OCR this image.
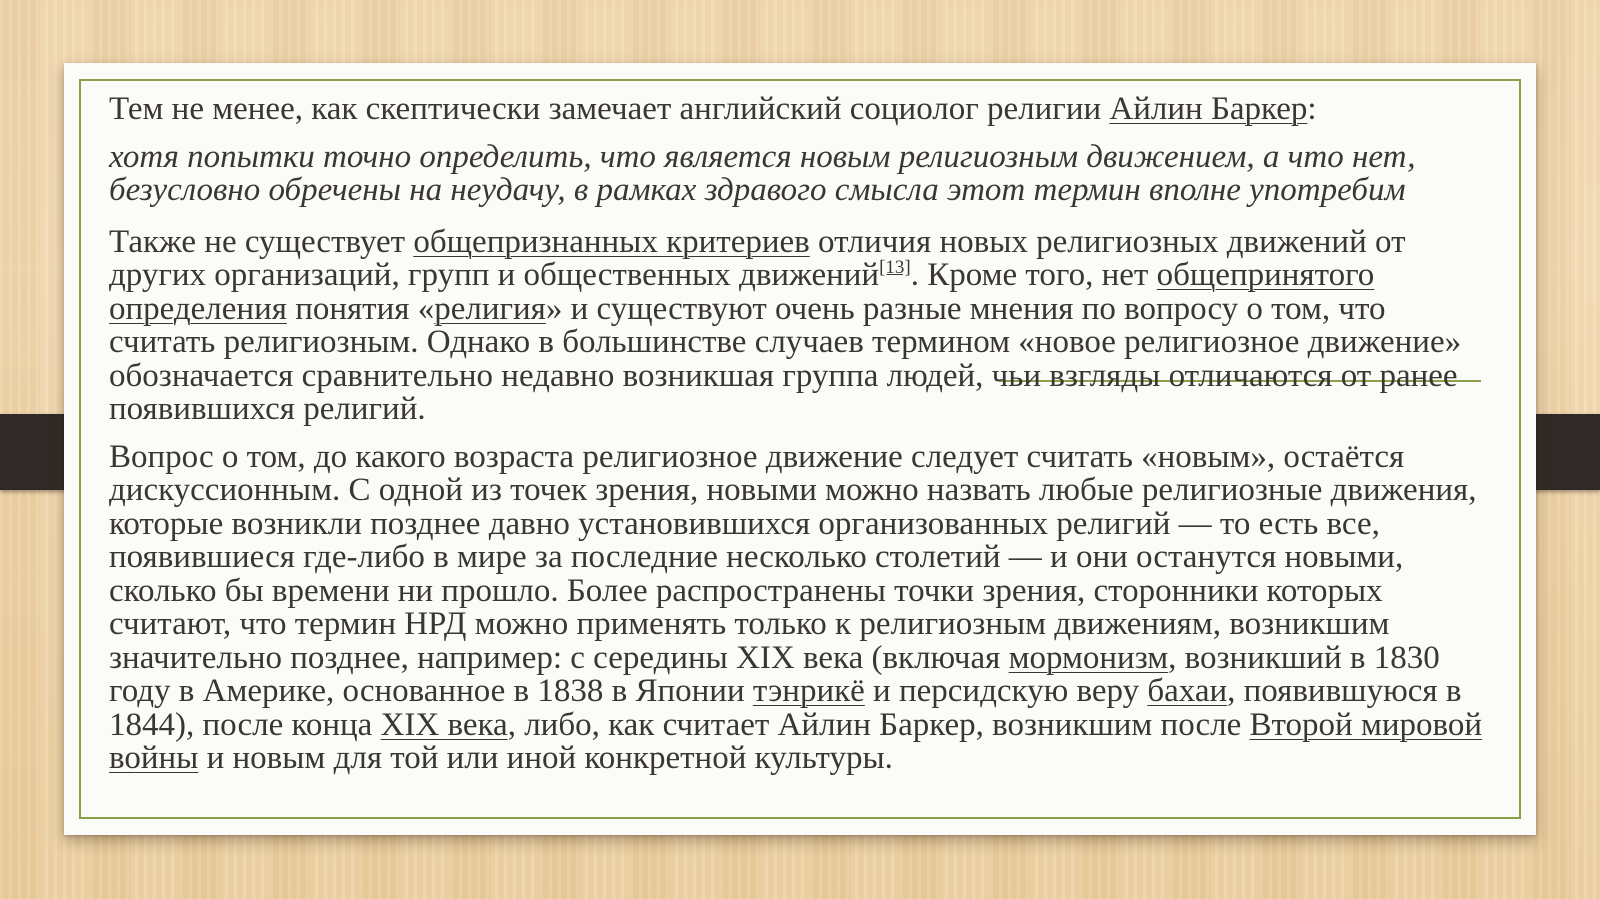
Тем не менее, как скептически замечает английский социолог религии Айлин Баркер:

хотя попытки точно определить, что является новым религиозным движением, а что нет, безусловно обречены на неудачу, в рамках здравого смысла этот термин вполне употребим

Также не существует общепризнанных критериев отличия новых религиозных движений от других организаций, групп и общественных движений[13]. Кроме того, нет общепринятого определения понятия «религия» и существуют очень разные мнения по вопросу о том, что считать религиозным. Однако в большинстве случаев термином «новое религиозное движение» обозначается сравнительно недавно возникшая группа людей, чьи взгляды отличаются от ранее появившихся религий.

Вопрос о том, до какого возраста религиозное движение следует считать «новым», остаётся дискуссионным. С одной из точек зрения, новыми можно назвать любые религиозные движения, которые возникли позднее давно установившихся организованных религий — то есть все, появившиеся где-либо в мире за последние несколько столетий — и они останутся новыми, сколько бы времени ни прошло. Более распространены точки зрения, сторонники которых считают, что термин НРД можно применять только к религиозным движениям, возникшим значительно позднее, например: с середины XIX века (включая мормонизм, возникший в 1830 году в Америке, основанное в 1838 в Японии тэнрикё и персидскую веру бахаи, появившуюся в 1844), после конца XIX века, либо, как считает Айлин Баркер, возникшим после Второй мировой войны и новым для той или иной конкретной культуры.
